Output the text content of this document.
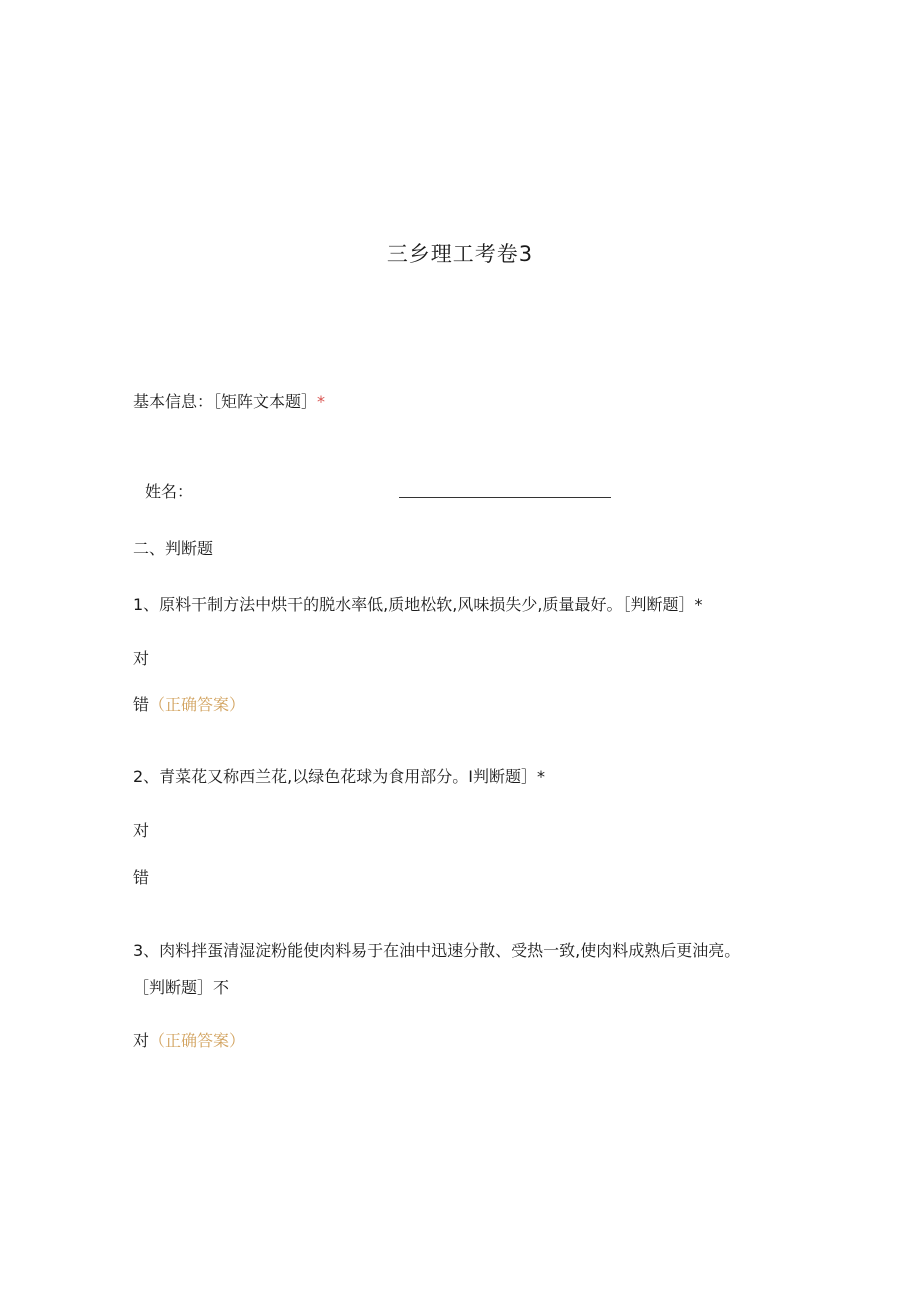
三乡理工考卷3
基本信息：［矩阵文本题］*
姓名：
二、判断题
1、原料干制方法中烘干的脱水率低,质地松软,风味损失少,质量最好。［判断题］*
对
错（正确答案）
2、青菜花又称西兰花,以绿色花球为食用部分。I判断题］*
对
错
3、肉料拌蛋清湿淀粉能使肉料易于在油中迅速分散、受热一致,使肉料成熟后更油亮。
［判断题］不
对（正确答案）
